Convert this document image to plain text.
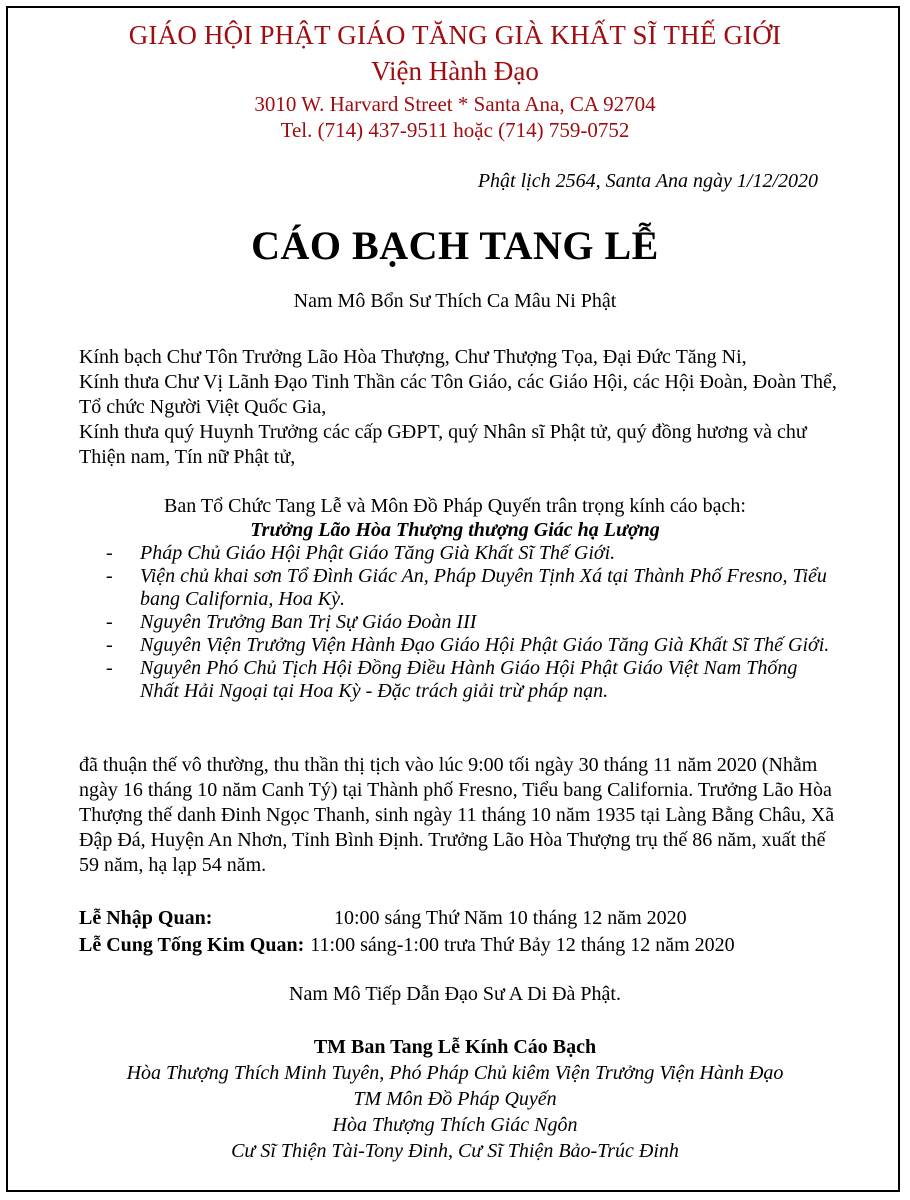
GIÁO HỘI PHẬT GIÁO TĂNG GIÀ KHẤT SĨ THẾ GIỚI
Viện Hành Đạo
3010 W. Harvard Street * Santa Ana, CA 92704
Tel. (714) 437-9511 hoặc (714) 759-0752
Phật lịch 2564, Santa Ana ngày 1/12/2020
CÁO BẠCH TANG LỄ
Nam Mô Bổn Sư Thích Ca Mâu Ni Phật
Kính bạch Chư Tôn Trưởng Lão Hòa Thượng, Chư Thượng Tọa, Đại Đức Tăng Ni,
Kính thưa Chư Vị Lãnh Đạo Tinh Thần các Tôn Giáo, các Giáo Hội, các Hội Đoàn, Đoàn Thể, Tổ chức Người Việt Quốc Gia,
Kính thưa quý Huynh Trưởng các cấp GĐPT, quý Nhân sĩ Phật tử, quý đồng hương và chư Thiện nam, Tín nữ Phật tử,
Ban Tổ Chức Tang Lễ và Môn Đồ Pháp Quyến trân trọng kính cáo bạch:
Trưởng Lão Hòa Thượng thượng Giác hạ Lượng
- Pháp Chủ Giáo Hội Phật Giáo Tăng Già Khất Sĩ Thế Giới.
- Viện chủ khai sơn Tổ Đình Giác An, Pháp Duyên Tịnh Xá tại Thành Phố Fresno, Tiểu bang California, Hoa Kỳ.
- Nguyên Trưởng Ban Trị Sự Giáo Đoàn III
- Nguyên Viện Trưởng Viện Hành Đạo Giáo Hội Phật Giáo Tăng Già Khất Sĩ Thế Giới.
- Nguyên Phó Chủ Tịch Hội Đồng Điều Hành Giáo Hội Phật Giáo Việt Nam Thống Nhất Hải Ngoại tại Hoa Kỳ - Đặc trách giải trừ pháp nạn.
đã thuận thế vô thường, thu thần thị tịch vào lúc 9:00 tối ngày 30 tháng 11 năm 2020 (Nhằm ngày 16 tháng 10 năm Canh Tý) tại Thành phố Fresno, Tiểu bang California. Trưởng Lão Hòa Thượng thế danh Đinh Ngọc Thanh, sinh ngày 11 tháng 10 năm 1935 tại Làng Bằng Châu, Xã Đập Đá, Huyện An Nhơn, Tỉnh Bình Định. Trưởng Lão Hòa Thượng trụ thế 86 năm, xuất thế 59 năm, hạ lạp 54 năm.
Lễ Nhập Quan:	10:00 sáng Thứ Năm 10 tháng 12 năm 2020
Lễ Cung Tống Kim Quan: 11:00 sáng-1:00 trưa Thứ Bảy 12 tháng 12 năm 2020
Nam Mô Tiếp Dẫn Đạo Sư A Di Đà Phật.
TM Ban Tang Lễ Kính Cáo Bạch
Hòa Thượng Thích Minh Tuyên, Phó Pháp Chủ kiêm Viện Trưởng Viện Hành Đạo
TM Môn Đồ Pháp Quyến
Hòa Thượng Thích Giác Ngôn
Cư Sĩ Thiện Tài-Tony Đinh, Cư Sĩ Thiện Bảo-Trúc Đinh
